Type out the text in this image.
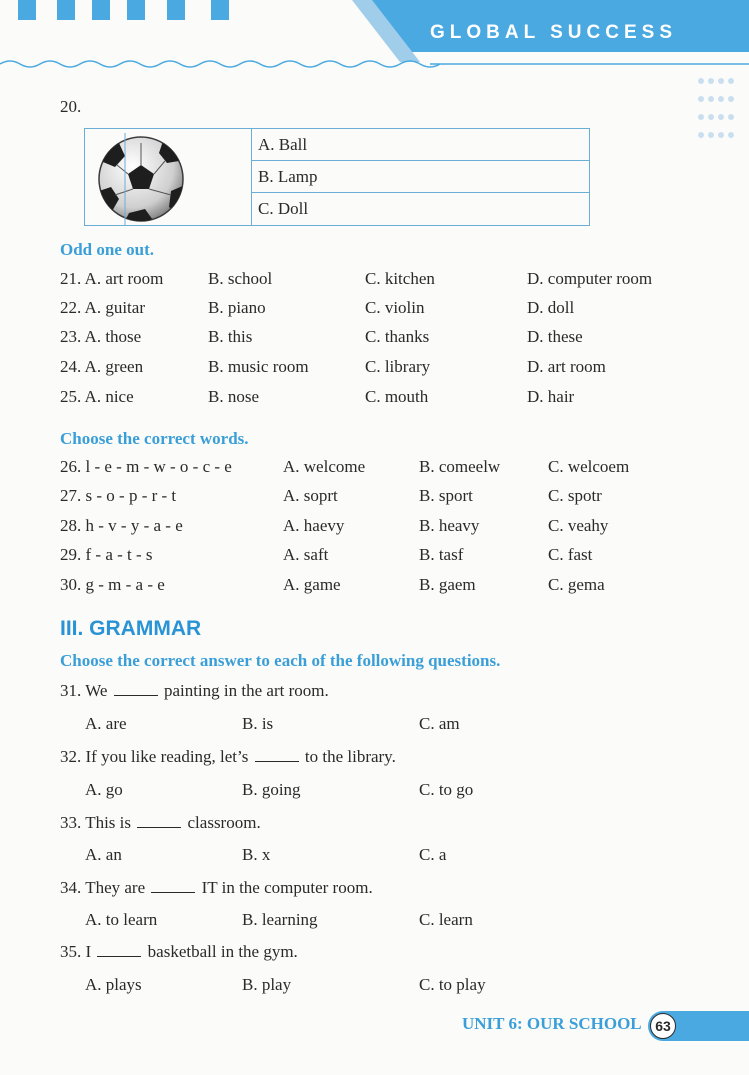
GLOBAL SUCCESS

20.
A. Ball
B. Lamp
C. Doll
Odd one out.
21. A. art room	B. school	C. kitchen	D. computer room
22. A. guitar	B. piano	C. violin	D. doll
23. A. those	B. this	C. thanks	D. these
24. A. green	B. music room	C. library	D. art room
25. A. nice	B. nose	C. mouth	D. hair
Choose the correct words.
26. l - e - m - w - o - c - e	A. welcome	B. comeelw	C. welcoem
27. s - o - p - r - t	A. soprt	B. sport	C. spotr
28. h - v - y - a - e	A. haevy	B. heavy	C. veahy
29. f - a - t - s	A. saft	B. tasf	C. fast
30. g - m - a - e	A. game	B. gaem	C. gema
III. GRAMMAR
Choose the correct answer to each of the following questions.
31. We	painting in the art room.
A. are	B. is	C. am
32. If you like reading, let’s	to the library.
A. go	B. going	C. to go
33. This is	classroom.
A. an	B. x	C. a
34. They are	IT in the computer room.
A. to learn	B. learning	C. learn
35. I	basketball in the gym.
A. plays	B. play	C. to play
UNIT 6: OUR SCHOOL 63
